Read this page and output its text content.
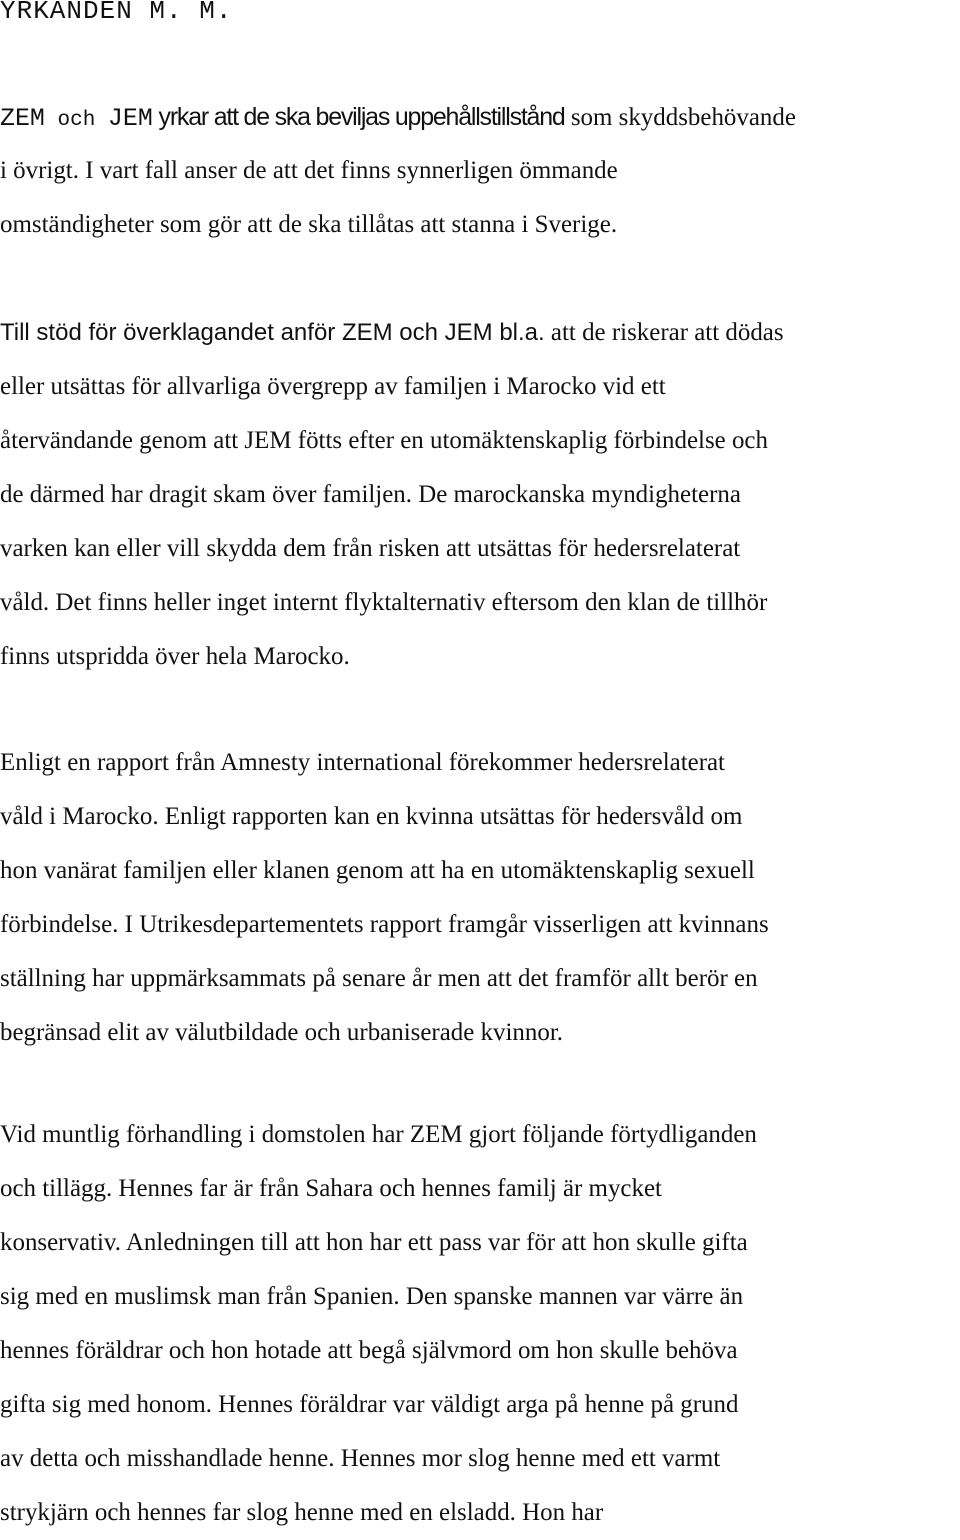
YRKANDEN M. M.
ZEM och JEM yrkar att de ska beviljas uppehållstillstånd som skyddsbehövande
i övrigt. I vart fall anser de att det finns synnerligen ömmande
omständigheter som gör att de ska tillåtas att stanna i Sverige.
Till stöd för överklagandet anför ZEM och JEM bl.a. att de riskerar att dödas
eller utsättas för allvarliga övergrepp av familjen i Marocko vid ett
återvändande genom att JEM fötts efter en utomäktenskaplig förbindelse och
de därmed har dragit skam över familjen. De marockanska myndigheterna
varken kan eller vill skydda dem från risken att utsättas för hedersrelaterat
våld. Det finns heller inget internt flyktalternativ eftersom den klan de tillhör
finns utspridda över hela Marocko.
Enligt en rapport från Amnesty international förekommer hedersrelaterat
våld i Marocko. Enligt rapporten kan en kvinna utsättas för hedersvåld om
hon vanärat familjen eller klanen genom att ha en utomäktenskaplig sexuell
förbindelse. I Utrikesdepartementets rapport framgår visserligen att kvinnans
ställning har uppmärksammats på senare år men att det framför allt berör en
begränsad elit av välutbildade och urbaniserade kvinnor.
Vid muntlig förhandling i domstolen har ZEM gjort följande förtydliganden
och tillägg. Hennes far är från Sahara och hennes familj är mycket
konservativ. Anledningen till att hon har ett pass var för att hon skulle gifta
sig med en muslimsk man från Spanien. Den spanske mannen var värre än
hennes föräldrar och hon hotade att begå självmord om hon skulle behöva
gifta sig med honom. Hennes föräldrar var väldigt arga på henne på grund
av detta och misshandlade henne. Hennes mor slog henne med ett varmt
strykjärn och hennes far slog henne med en elsladd. Hon har
